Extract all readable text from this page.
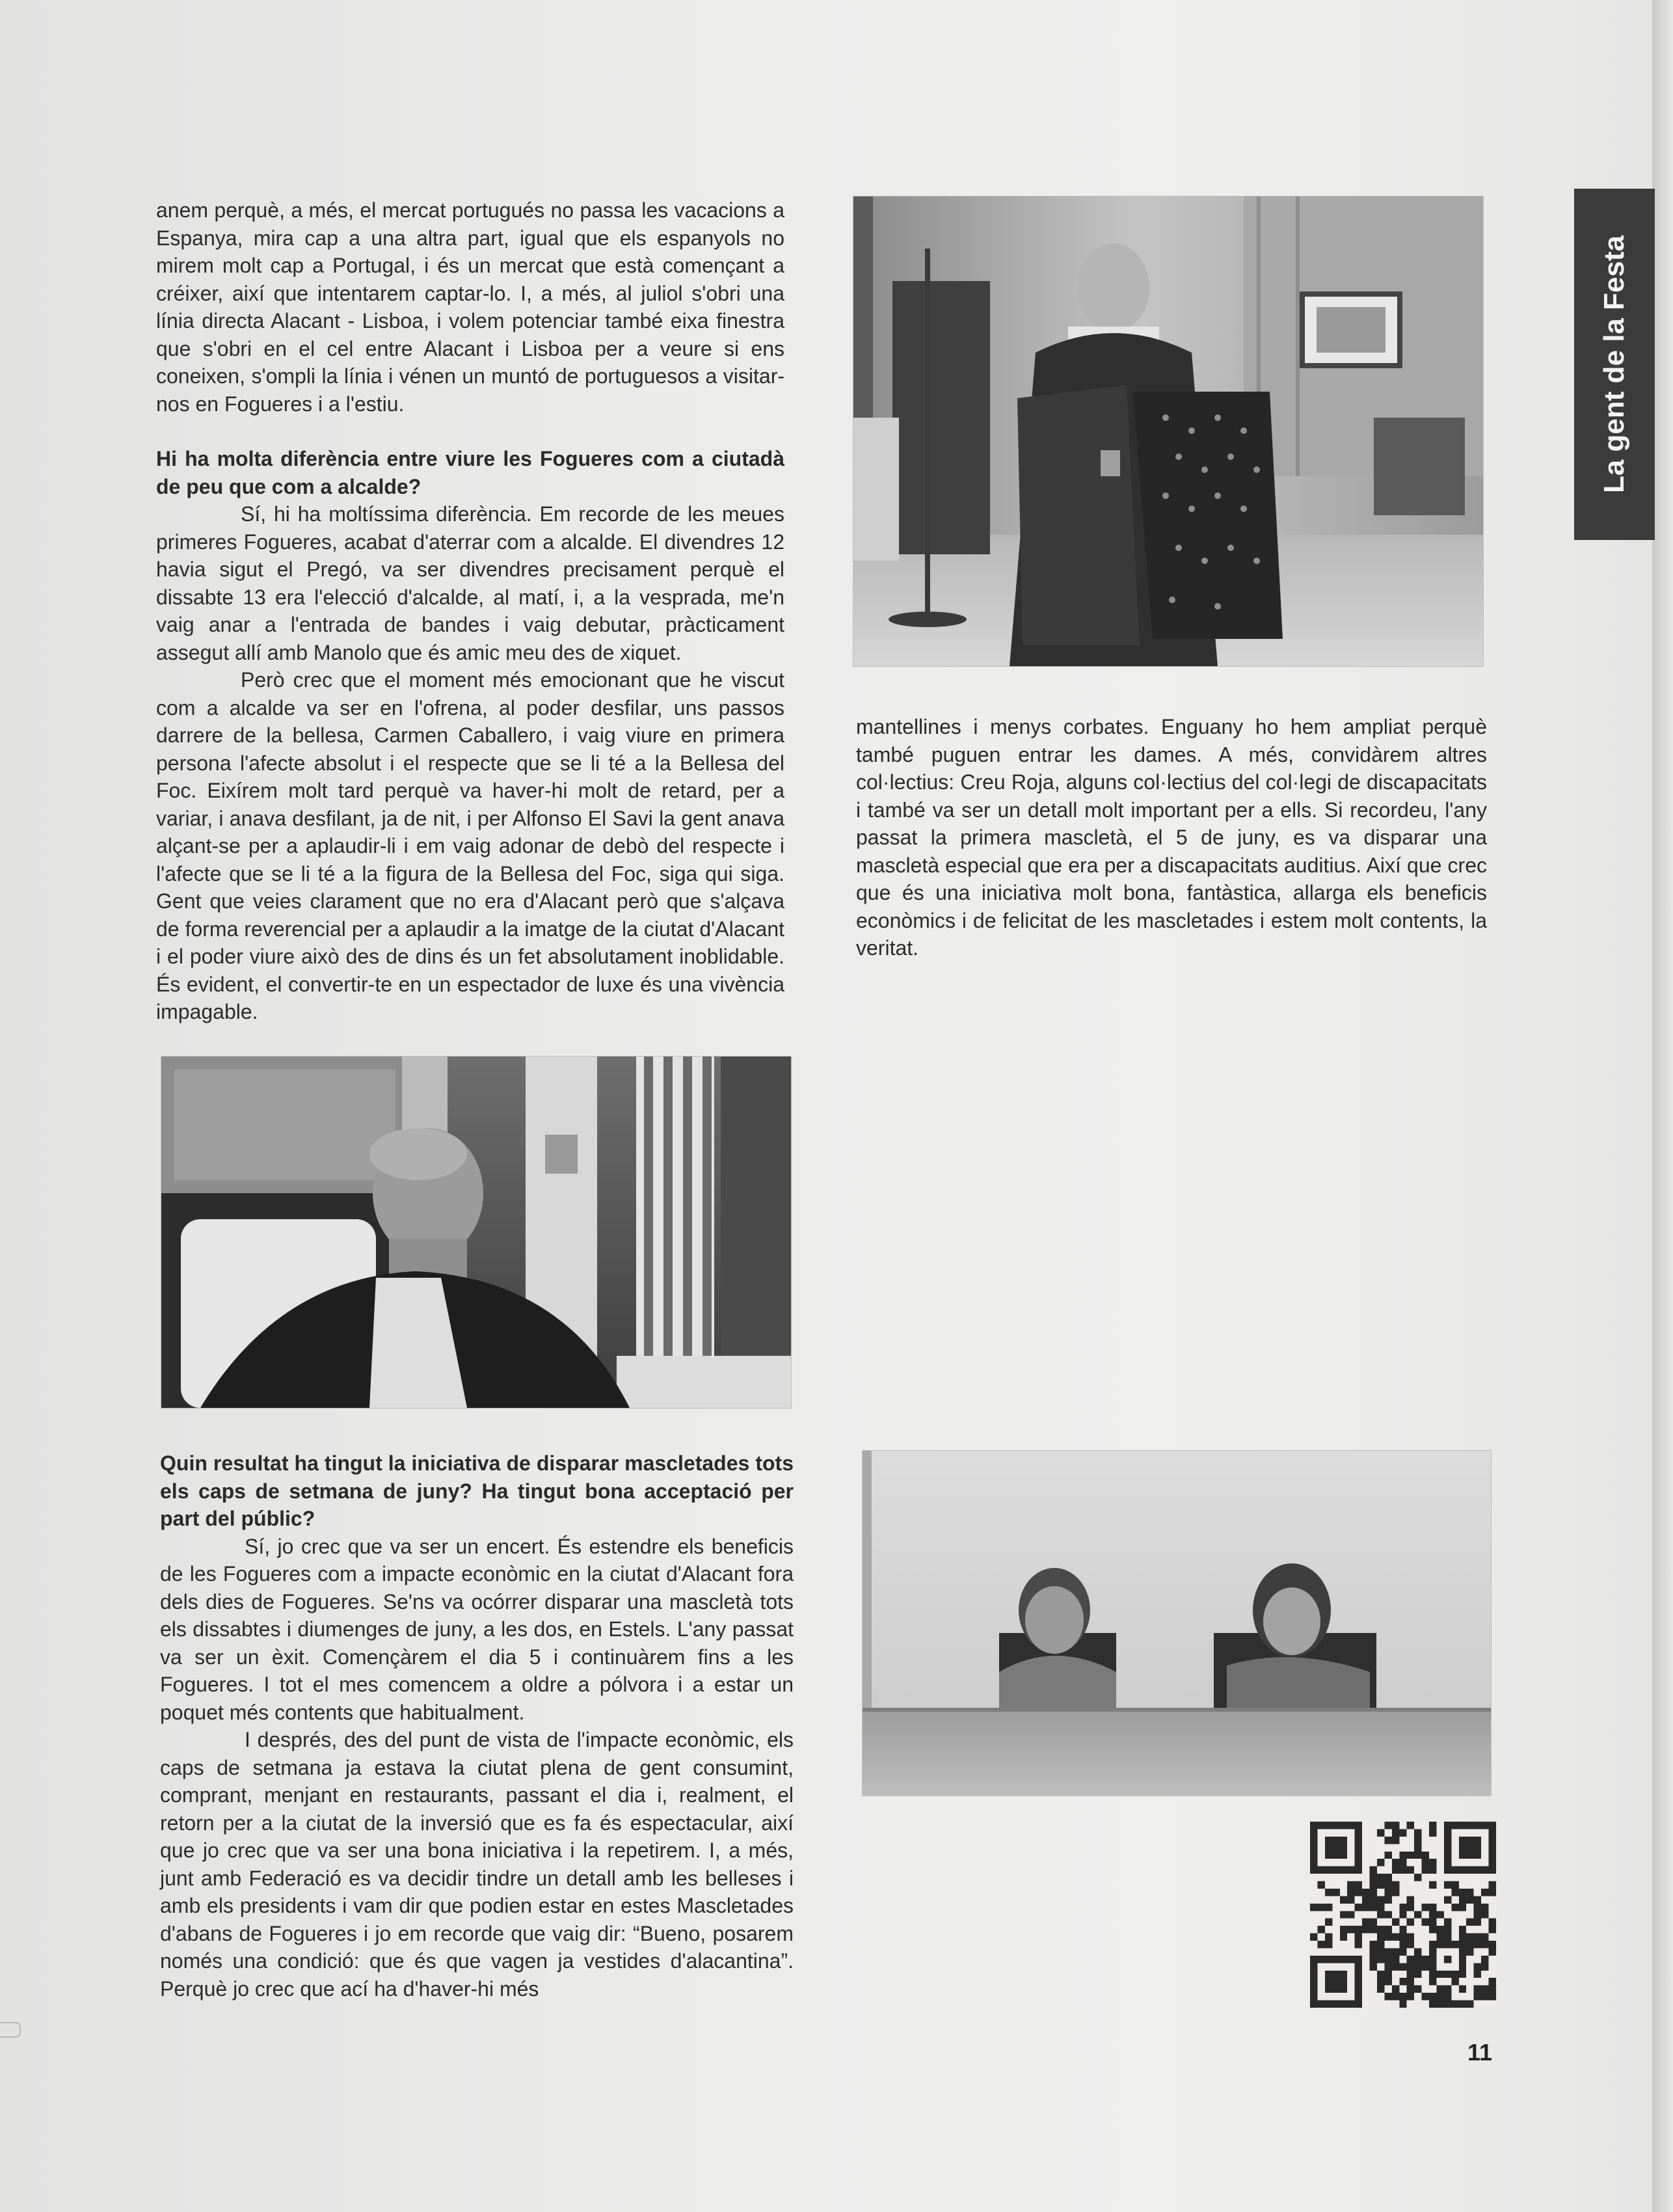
anem perquè, a més, el mercat portugués no passa les vacacions a Espanya, mira cap a una altra part, igual que els espanyols no mirem molt cap a Portugal, i és un mercat que està començant a créixer, així que intentarem captar-lo. I, a més, al juliol s'obri una línia directa Alacant - Lisboa, i volem potenciar també eixa finestra que s'obri en el cel entre Alacant i Lisboa per a veure si ens coneixen, s'ompli la línia i vénen un muntó de portuguesos a visitar-nos en Fogueres i a l'estiu.

Hi ha molta diferència entre viure les Fogueres com a ciutadà de peu que com a alcalde?

Sí, hi ha moltíssima diferència. Em recorde de les meues primeres Fogueres, acabat d'aterrar com a alcalde. El divendres 12 havia sigut el Pregó, va ser divendres precisament perquè el dissabte 13 era l'elecció d'alcalde, al matí, i, a la vesprada, me'n vaig anar a l'entrada de bandes i vaig debutar, pràcticament assegut allí amb Manolo que és amic meu des de xiquet.

Però crec que el moment més emocionant que he viscut com a alcalde va ser en l'ofrena, al poder desfilar, uns passos darrere de la bellesa, Carmen Caballero, i vaig viure en primera persona l'afecte absolut i el respecte que se li té a la Bellesa del Foc. Eixírem molt tard perquè va haver-hi molt de retard, per a variar, i anava desfilant, ja de nit, i per Alfonso El Savi la gent anava alçant-se per a aplaudir-li i em vaig adonar de debò del respecte i l'afecte que se li té a la figura de la Bellesa del Foc, siga qui siga. Gent que veies clarament que no era d'Alacant però que s'alçava de forma reverencial per a aplaudir a la imatge de la ciutat d'Alacant i el poder viure això des de dins és un fet absolutament inoblidable. És evident, el convertir-te en un espectador de luxe és una vivència impagable.

mantellines i menys corbates. Enguany ho hem ampliat perquè també puguen entrar les dames. A més, convidàrem altres col·lectius: Creu Roja, alguns col·lectius del col·legi de discapacitats i també va ser un detall molt important per a ells. Si recordeu, l'any passat la primera mascletà, el 5 de juny, es va disparar una mascletà especial que era per a discapacitats auditius. Així que crec que és una iniciativa molt bona, fantàstica, allarga els beneficis econòmics i de felicitat de les mascletades i estem molt contents, la veritat.

Quin resultat ha tingut la iniciativa de disparar mascletades tots els caps de setmana de juny? Ha tingut bona acceptació per part del públic?

Sí, jo crec que va ser un encert. És estendre els beneficis de les Fogueres com a impacte econòmic en la ciutat d'Alacant fora dels dies de Fogueres. Se'ns va ocórrer disparar una mascletà tots els dissabtes i diumenges de juny, a les dos, en Estels. L'any passat va ser un èxit. Començàrem el dia 5 i continuàrem fins a les Fogueres. I tot el mes comencem a oldre a pólvora i a estar un poquet més contents que habitualment.

I després, des del punt de vista de l'impacte econòmic, els caps de setmana ja estava la ciutat plena de gent consumint, comprant, menjant en restaurants, passant el dia i, realment, el retorn per a la ciutat de la inversió que es fa és espectacular, així que jo crec que va ser una bona iniciativa i la repetirem. I, a més, junt amb Federació es va decidir tindre un detall amb les belleses i amb els presidents i vam dir que podien estar en estes Mascletades d'abans de Fogueres i jo em recorde que vaig dir: “Bueno, posarem només una condició: que és que vagen ja vestides d'alacantina”. Perquè jo crec que ací ha d'haver-hi més

La gent de la Festa
11
